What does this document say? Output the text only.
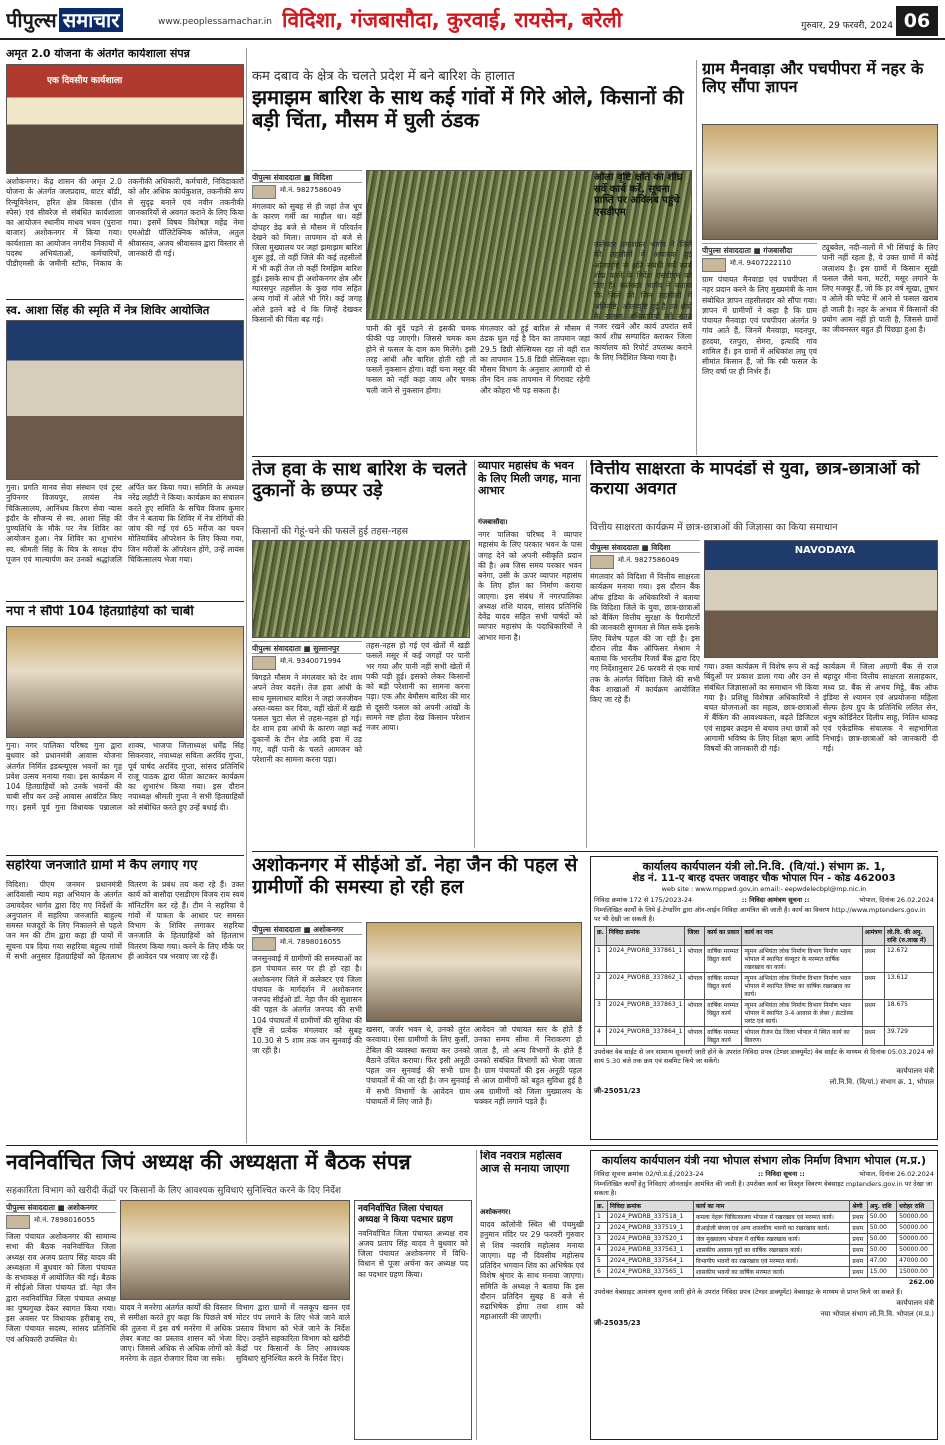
पीपुल्स समाचार	www.peoplessamachar.in विदिशा, गंजबासौदा, कुरवाई, रायसेन, बरेली	गुरुवार, 29 फरवरी, 2024 06
अमृत 2.0 योजना के अंतर्गत कार्यशाला संपन्न
एक दिवसीय कार्यशाला
अशोकनगर। केंद्र शासन की अमृत 2.0 योजना के अंतर्गत जलप्रदाय, वाटर बॉडी, रिन्यूविनेशन, हरित क्षेत्र विकास (ग्रीन स्पेस) एवं सीवरेज से संबंधित कार्यशाला का आयोजन स्थानीय माधव भवन (पुराना बाजार) अशोकनगर में किया गया। कार्यशाला का आयोजन नगरीय निकायों में पदस्थ अभियंताओं, कर्मचारियों, पीडीएमसी के जमीनी स्टॉफ, निकाय के तकनीकी अधिकारी, कर्मचारी, निविदाकारों को और अधिक कार्यकुशल, तकनीकी रूप से सुदृढ़ बनाने एवं नवीन तकनीकी जानकारियों से अवगत कराने के लिए किया गया। इसमें विषय विशेषज्ञ महेंद्र नेमा एमओडी पॉलिटेक्निक कॉलेज, अतुल श्रीवास्तव, अजय श्रीवास्तव द्वारा विस्तार से जानकारी दी गई।
स्व. आशा सिंह की स्मृति में नेत्र शिविर आयोजित
गुना। प्रगति मानव सेवा संस्थान एवं ट्रस्ट नुपिनगर विजयपुर, लायंस नेत्र चिकित्सालय, आनिंधय किरण सेवा न्यास इंदौर के सौजन्य से स्व. आशा सिंह की पुण्यतिथि के मौके पर नेत्र शिविर का आयोजन हुआ। नेत्र शिविर का शुभारंभ स्व. श्रीमती सिंह के चित्र के समक्ष दीप पूजन एवं माल्यार्पण कर उनको श्रद्धांजलि अर्पित कर किया गया। समिति के अध्यक्ष नरेंद्र लहोटी ने किया। कार्यक्रम का संचालन करते हुए समिति के सचिव विजय कुमार जैन ने बताया कि शिविर में नेत्र रोगियों की जांच की गई एवं 65 मरीज का चयन मोतियाबिंद ऑपरेशन के लिए किया गया, जिन मरीजों के ऑपरेशन होंगे, उन्हें लायंस चिकित्सालय भेजा गया।
नपा ने सौंपी 104 हितग्राहियों को चाबी
गुना। नगर पालिका परिषद गुना द्वारा बुधवार को प्रधानमंत्री आवास योजना अंतर्गत निर्मित इडब्ल्यूएस भवनों का गृह प्रवेश उत्सव मनाया गया। इस कार्यक्रम में 104 हितग्राहियों को उनके भवनों की चाबी सौंप कर उन्हें आवास आवंटित किए गए। इसमें पूर्व गुना विधायक पन्नालाल शाक्य, भाजपा जिलाध्यक्ष धर्मेंद्र सिंह सिकरवार, नपाध्यक्ष सविता अरविंद गुप्ता, पूर्व पार्षद अरविंद गुप्ता, सांसद प्रतिनिधि राजू पाठक द्वारा फीता काटकर कार्यक्रम का शुभारंभ किया गया। इस दौरान नपाध्यक्ष श्रीमती गुप्ता ने सभी हितग्राहियों को संबोधित करते हुए उन्हें बधाई दी।
सहरिया जनजाति ग्रामों में कैंप लगाए गए
विदिशा। पीएम जनमन प्रधानमंत्री आदिवासी न्याय महा अभियान के अंतर्गत उमावदेवर भार्गव द्वारा दिए गए निर्देशों के अनुपालन में सहरिया जनजाति बाहुल्य समस्त मजदूरों के लिए निकालने से पहले जन मन की टीम द्वारा कहा ही पायों में सूचना पत्र दिया गया सहरिया बहुल्य गांवों में सभी अनुसार हितग्राहियों को हितलाभ वितरण के प्रबंध तय करा रहे हैं। उक्त कार्य को बासौदा एसडीएम विजय राय स्वयं मॉनिटरिंग कर रहे हैं। टीम ने सहरिया वे गांवों में पात्रता के आधार पर समस्त विभाग के शिविर लगाकर सहरिया जनजाति के हितग्राहियों को हितलाभ वितरण किया गया। करने के लिए मौके पर ही आवेदन पत्र भरवाए जा रहे हैं।
कम दबाव के क्षेत्र के चलते प्रदेश में बने बारिश के हालात
झमाझम बारिश के साथ कई गांवों में गिरे ओले, किसानों की बड़ी चिंता, मौसम में घुली ठंडक
पीपुल्स संवाददाता ■ विदिशा
मो.नं. 9827586049
मंगलवार को सुबह से ही जहां तेज धूप के कारण गर्मी का माहौल था। वहीं दोपहर डेढ़ बजे से मौसम में परिवर्तन देखने को मिला। तापमान दो बजे से जिला मुख्यालय पर जहां झमाझम बारिश शुरू हुई, तो वहीं जिले की कई तहसीलों में भी कहीं तेज तो कहीं रिमझिम बारिश हुई। इसके साथ ही अशोकनगर क्षेत्र और ग्यारसपुर तहसील के कुछ गांव सहित अन्य गांवों में ओले भी गिरे। कई जगह ओले इतने बड़े थे कि जिन्हें देखकर किसानों की चिंता बढ़ गई।
पानी की बूंदें पड़ने से इसकी चमक फीकी पड़ जाएगी। जिससे चमक कम होने से फसल के दाम कम मिलेंगे। इसी तरह आंधी और बारिश होती रही तो फसलें नुकसान होगा। वहीं चना मसूर की फसल को नहीं कहा जाय और चमक चली जाने से नुकसान होगा।
मंगलवार को हुई बारिश से मौसम में ठंडक घुल गई है दिन का तापमान जहां 29.5 डिग्री सेल्सियस रहा तो वहीं रात का तापमान 15.8 डिग्री सेल्सियस रहा। मौसम विभाग के अनुसार आगामी दो से तीन दिन तक तापमान में गिरावट रहेगी और कोहरा भी पड़ सकता है।
ओला वृष्टि क्षति का शीघ्र सर्वे कार्य करें, सूचना प्राप्ति पर अविलंब पहुंचे एसडीएम
कलेक्टर उमाशंकर भार्गव ने जिले की तहसीलों में अचानक हुई ओलावृष्टि से क्षति संबंधी सर्वे कार्य शीघ्र करने के निर्देश एसडीएम को दिए हैं। कलेक्टर भार्गव ने बताया कि जिले की जिन तहसीलों में अतिवृष्टि, ओलावृष्टि हुई है उन क्षेत्रों के राजस्व अधिकारियों को सतत नजर रखने और कार्य उपरांत सर्वे कार्य शीघ्र सम्पादित कराकर जिला कार्यालय को रिपोर्ट उपलब्ध कराने के लिए निर्देशित किया गया है।
ग्राम मैनवाड़ा और पचपीपरा में नहर के लिए सौंपा ज्ञापन
पीपुल्स संवाददाता ■ गंजबासौदा
मो.नं. 9407222110
ग्राम पंचायत मैनवाड़ा एवं पचपीपरा में नहर प्रदान करने के लिए मुख्यमंत्री के नाम संबोधित ज्ञापन तहसीलदार को सौंपा गया। ज्ञापन में ग्रामीणों ने कहा है कि ग्राम पंचायत मैनवाड़ा एवं पचपीपरा अंतर्गत 9 गांव आते हैं, जिनमें मैनवाड़ा, मदनपुर, हरदया, रतपुरा, सेमरा, इत्यादि गांव शामिल हैं। इन ग्रामों में अधिकांश लघु एवं सीमांत किसान हैं, जो कि रबी फसल के लिए वर्षा पर ही निर्भर हैं।
ट्यूबवेल, नदी-नालों में भी सिंचाई के लिए पानी नहीं रहता है, ये उक्त ग्रामों में कोई जलाशय है। इस ग्रामों में किसान सूखी फसल जैसे चना, मटरी, मसूर लगाने के लिए मजबूर हैं, जो कि हर वर्ष सूखा, तुषार व ओले की चपेट में आने से फसल खराब हो जाती है। नहर के अभाव में किसानों की प्रयोग आम नहीं हो पाती है, जिससे ग्रामों का जीवनस्तर बहुत ही पिछड़ा हुआ है।
तेज हवा के साथ बारिश के चलते दुकानों के छप्पर उड़े
किसानों की गेहूं-चने की फसलें हुई तहस-नहस
पीपुल्स संवाददाता ■ सुल्तानपुर
मो.नं. 9340071994
बिगड़ते मौसम ने मंगलवार को देर शाम अपने तेवर बदले। तेज हवा आंधी के साथ मूसलाधार बारिश ने जहां जनजीवन अस्त-व्यस्त कर दिया, वहीं खेतों में खड़ी फसल चुटा सेल से तहस-नहस हो गई। देर शाम हवा आंधी के कारण जहां कई दुकानों के टीन शेड आदि हवा में उड़ गए, वहीं पानी के चलते आमजन को परेशानी का सामना करना पड़ा।
तहस-नहस हो गई एवं खेतों में खड़ी फसलें मसूर में कई जगहों पर पानी भर गया और पानी नहीं सभी खेतों में पकी पड़ी हुई। इसको लेकर किसानों को बड़ी परेशानी का सामना करना पड़ा। एक और बेमौसम बारिश की मार से दूसरी फसल को अपनी आंखों के सामने नष्ट होता देख किसान परेशान नजर आया।
व्यापार महासंघ के भवन के लिए मिली जगह, माना आभार
गंजबासौदा।
नगर पालिका परिषद ने व्यापार महासंघ के लिए परकार भवन के पास जगह देने को अपनी स्वीकृति प्रदान की है। अब जिस समय परकार भवन बनेगा, उसी के ऊपर व्यापार महासंघ के लिए हॉल का निर्माण कराया जाएगा। इस संबंध में नगरपालिका अध्यक्ष शशि यादव, सांसद प्रतिनिधि देवेंद्र यादव सहित सभी पार्षदों को व्यापार महासंघ के पदाधिकारियों ने आभार माना है।
वित्तीय साक्षरता के मापदंडों से युवा, छात्र-छात्राओं को कराया अवगत
वित्तीय साक्षरता कार्यक्रम में छात्र-छात्राओं की जिज्ञासा का किया समाधान
पीपुल्स संवाददाता ■ विदिशा
मो.नं. 9827586049
मंगलवार को विदिशा में वित्तीय साक्षरता कार्यक्रम मनाया गया। इस दौरान बैंक ऑफ इंडिया के अधिकारियों ने बताया कि विदिशा जिले के युवा, छात्र-छात्राओं को बैंकिंग वित्तीय सुरक्षा के पैरामीटरों की जानकारी सुगमता से मिल सके इसके लिए विशेष पहल की जा रही है। इस दौरान लीड बैंक ऑफिसर मेश्राम ने बताया कि भारतीय रिजर्व बैंक द्वारा दिए गए निर्देशानुसार 26 फरवरी से एक मार्च तक के अंतर्गत विदिशा जिले की सभी बैंक शाखाओं में कार्यक्रम आयोजित किए जा रहे हैं।
NAVODAYA
गया। उक्त कार्यक्रम में विशेष रूप से कई बिंदुओं पर प्रकाश डाला गया और उन से संबंधित जिज्ञासाओं का समाधान भी किया गया है। प्रशिक्षु विशेषज्ञ अधिकारियों ने बचत योजनाओं का महत्व, छात्र-छात्राओं में बैंकिंग की आवश्यकता, बढ़ते डिजिटल एवं साइबर क्राइम से बचाव तथा छात्रों को आगामी भविष्य के लिए शिक्षा ऋण आदि विषयों की जानकारी दी गई।
कार्यक्रम में जिला अग्रणी बैंक से राज बहादुर मीना वित्तीय साक्षरता सलाहकार, मध्य प्रा. बैंक से अभय मिट्ठे, बैंक ऑफ इंडिया से श्यामन एवं अप्रयोजना महिला सेल्फ हेल्प ग्रुप के प्रतिनिधि ललित सेन, धनुष कोर्डिनेटर दिलीप साहू, नितिन धाकड़ एवं एकेडमिक संचालक ने सहभागिता निभाई। छात्र-छात्राओं को जानकारी दी गई।
अशोकनगर में सीईओ डॉ. नेहा जैन की पहल से ग्रामीणों की समस्या हो रही हल
पीपुल्स संवाददाता ■ अशोकनगर
मो.नं. 7898016055
जनसुनवाई में ग्रामीणों की समस्याओं का हल पंचायत स्तर पर ही हो रहा है। अशोकनगर जिले में कलेक्टर एवं जिला पंचायत के मार्गदर्शन में अशोकनगर जनपद सीईओ डॉ. नेहा जैन की सुशासन की पहल के अंतर्गत जनपद की सभी 104 पंचायतों में ग्रामीणों की सुविधा की दृष्टि से प्रत्येक मंगलवार को सुबह 10.30 से 5 शाम तक जन सुनवाई की जा रही है।
खसरा, जर्जर भवन थे, उनको तुरंत करवाया। ऐसा ग्रामीणों के लिए कुर्सी, टेबिल की व्यवस्था कराया कर उनको बैठाने उचित कराया। फिर इसी अनूठी पहल जन सुनवाई की सभी ग्राम पंचायतों में की जा रही है। जन सुनवाई में सभी विभागों के आवेदन ग्राम पंचायतों में लिए जाते हैं।
आवेदन जो पंचायत स्तर के होते हैं उनका समय सीमा में निराकरण हो जाता है, तो अन्य विभागों के होते हैं उनको संबंधित विभागों को भेजा जाता है। ग्राम पंचायतों की इस अनूठी पहल से आज ग्रामीणों को बहुत सुविधा हुई है अब ग्रामीणों को जिला मुख्यालय के चक्कर नहीं लगाने पड़ते हैं।
कार्यालय कार्यपालन यंत्री लो.नि.वि. (वि/यां.) संभाग क्र. 1,
शेड नं. 11-ए बारह दफ्तर जवाहर चौक भोपाल पिन - कोड 462003
web site : www.mppwd.gov.in email:- eepwdelecbpl@mp.nic.in
निविदा क्रमांक 172 से 175/2023-24	:: निविदा आमंत्रण सूचना ::	भोपाल, दिनांक 26.02.2024
निम्नलिखित कार्यों के लिये ई-टेण्डरिंग द्वारा ऑन-लाईन निविदा आमंत्रित की जाती है। कार्य का विवरण http://www.mptenders.gov.in पर भी देखी जा सकती है।
क्र.	निविदा क्रमांक	जिला	कार्य का प्रकार	कार्य का नाम	आमंत्रण	लो.वि. की अनु. राशि (रु.लाख में)
1	2024_PWORB_337861_1	भोपाल	वार्षिक मरम्मत विद्युत कार्य	न्यूमन अभियंता लोक निर्माण विभाग निर्माण भवन भोपाल में स्थापित कंप्यूटर के मरम्मत वार्षिक रखरखाव का कार्य।	प्रथम	12.672
2	2024_PWORB_337862_1	भोपाल	वार्षिक मरम्मत विद्युत कार्य	न्यूमन अभियंता लोक निर्माण विभाग निर्माण भवन भोपाल में स्थापित लिफ्ट का वार्षिक रखरखाव का कार्य।	प्रथम	13.612
3	2024_PWORB_337863_1	भोपाल	वार्षिक मरम्मत विद्युत कार्य	न्यूमन अभियंता लोक निर्माण विभाग निर्माण भवन भोपाल में स्थापित 3-4 आवास के लेबर / फ्रंटडेस्क प्लांट एवं कार्य।	प्रथम	18.675
4	2024_PWORB_337864_1	भोपाल	वार्षिक मरम्मत विद्युत कार्य	भोपाल रीजन ग्रेड जिला भोपाल में स्थित कार्य का विवरण।	प्रथम	39.729
उपरोक्त वेब साईट से जन सामान्य सूचनाएँ जारी होने के उपरांत निविदा प्रपत्र (टेण्डर डाक्यूमेंट) वेब साईट के माध्यम से दिनांक 05.03.2024 को सायं 5.30 बजे तक क्रय एवं सबमिट किये जा सकेंगे।
कार्यपालन यंत्री
लो.नि.वि. (वि/यां.) संभाग क्र. 1, भोपाल
जी-25051/23
नवनिर्वाचित जिपं अध्यक्ष की अध्यक्षता में बैठक संपन्न
सहकारिता विभाग को खरीदी केंद्रों पर किसानों के लिए आवश्यक सुविधाएं सुनिश्चित करने के दिए निर्देश
पीपुल्स संवाददाता ■ अशोकनगर
मो.नं. 7898016055
जिला पंचायत अशोकनगर की सामान्य सभा की बैठक नवनिर्वाचित जिला अध्यक्ष राव अजय प्रताप सिंह यादव की अध्यक्षता में बुधवार को जिला पंचायत के सभाकक्ष में आयोजित की गई। बैठक में सीईओ जिला पंचायत डॉ. नेहा जैन द्वारा नवनिर्वाचित जिला पंचायत अध्यक्ष का पुष्पगुच्छ देकर स्वागत किया गया। इस अवसर पर विधायक हरीबाबू राय, जिला पंचायत सदस्य, सांसद प्रतिनिधि एवं अधिकारी उपस्थित थे।
यादव ने मनरेगा अंतर्गत कार्यों की विस्तार से समीक्षा करते हुए कहा कि पिछले वर्ष की तुलना में इस वर्ष मनरेगा में अधिक लेबर बजट का प्रस्ताव शासन को भेजा जाए। जिससे अधिक से अधिक लोगों को मनरेगा के तहत रोजगार दिया जा सके।
विभाग द्वारा ग्रामों में नलकूप खनन एवं मोटर पंप लगाने के लिए भेजे जाने वाले प्रस्ताव विभाग को भेजे जाने के निर्देश दिए। उन्होंने सहकारिता विभाग को खरीदी केंद्रों पर किसानों के लिए आवश्यक सुविधाएं सुनिश्चित करने के निर्देश दिए।
नवनिर्वाचित जिला पंचायत अध्यक्ष ने किया पदभार ग्रहण
नवनिर्वाचित जिला पंचायत अध्यक्ष राव अजय प्रताप सिंह यादव ने बुधवार को जिला पंचायत अशोकनगर में विधि-विधान से पूजा अर्चना कर अध्यक्ष पद का पदभार ग्रहण किया।
शिव नवरात्र महोत्सव आज से मनाया जाएगा
अशोकनगर।
यादव कॉलोनी स्थित श्री पंचमुखी हनुमान मंदिर पर 29 फरवरी गुरुवार से शिव नवरात्रि महोत्सव मनाया जाएगा। यह नौ दिवसीय महोत्सव प्रतिदिन भगवान शिव का अभिषेक एवं विशेष श्रृंगार के साथ मनाया जाएगा। समिति के अध्यक्ष ने बताया कि इस दौरान प्रतिदिन सुबह 8 बजे से रुद्राभिषेक होगा तथा शाम को महाआरती की जाएगी।
कार्यालय कार्यपालन यंत्री नया भोपाल संभाग लोक निर्माण विभाग भोपाल (म.प्र.)
निविदा सूचना क्रमांक 02/पो.प्र.ई./2023-24	:: निविदा सूचना ::	भोपाल, दिनांक 26.02.2024
निम्नलिखित कार्यों हेतु निविदाएं ऑनलाईन आमंत्रित की जाती है। उपरोक्त कार्य का विस्तृत विवरण वेबसाइट mptenders.gov.in पर देखा जा सकता है।
क्र.	निविदा क्रमांक	कार्य का नाम	श्रेणी	अनु. राशि	धरोहर राशि
1	2024_PWDRB_337518_1	कमला नेहरू चिकित्सालय भोपाल में रखरखाव एवं मरम्मत कार्य।	प्रथम	50.00	50000.00
2	2024_PWDRB_337519_1	डीआईजी बंगला एवं अन्य शासकीय भवनों का रखरखाव कार्य।	प्रथम	50.00	50000.00
3	2024_PWDRB_337520_1	जेल मुख्यालय भोपाल में वार्षिक रखरखाव कार्य।	प्रथम	50.00	50000.00
4	2024_PWDRB_337563_1	शासकीय आवास गृहों का वार्षिक रखरखाव कार्य।	प्रथम	50.00	50000.00
5	2024_PWDRB_337564_1	विभागीय भवनों का रखरखाव एवं मरम्मत कार्य।	प्रथम	47.00	47000.00
6	2024_PWDRB_337565_1	शासकीय भवनों का वार्षिक मरम्मत कार्य।	प्रथम	15.00	15000.00
262.00
उपरोक्त वेबसाइट आमंत्रण सूचना जारी होने के उपरांत निविदा प्रपत्र (टेण्डर डाक्यूमेंट) वेबसाइट के माध्यम से प्राप्त किये जा सकते हैं।
कार्यपालन यंत्री
नया भोपाल संभाग लो.नि.वि. भोपाल (म.प्र.)
जी-25035/23
